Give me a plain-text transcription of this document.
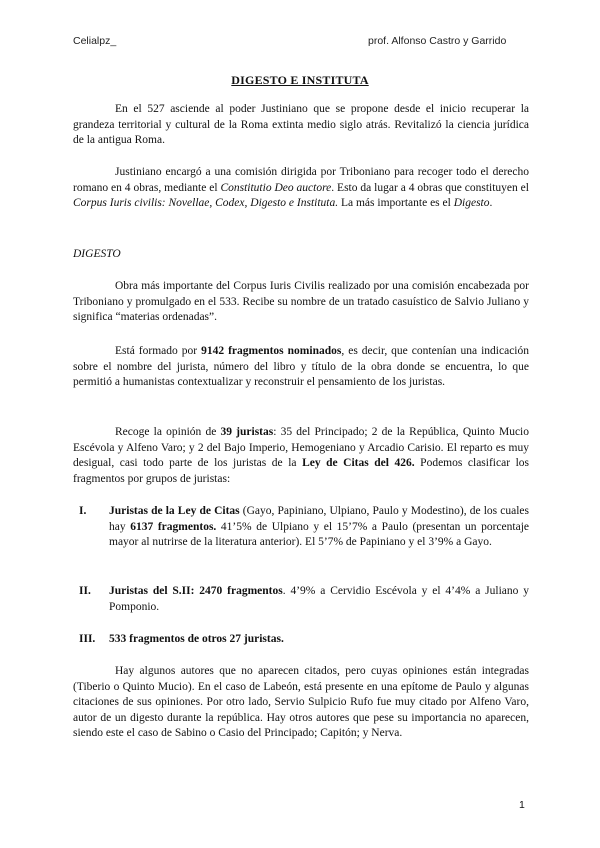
Celialpz_	prof. Alfonso Castro y Garrido
DIGESTO E INSTITUTA

En el 527 asciende al poder Justiniano que se propone desde el inicio recuperar la grandeza territorial y cultural de la Roma extinta medio siglo atrás. Revitalizó la ciencia jurídica de la antigua Roma.

Justiniano encargó a una comisión dirigida por Triboniano para recoger todo el derecho romano en 4 obras, mediante el Constitutio Deo auctore. Esto da lugar a 4 obras que constituyen el Corpus Iuris civilis: Novellae, Codex, Digesto e Instituta. La más importante es el Digesto.

DIGESTO

Obra más importante del Corpus Iuris Civilis realizado por una comisión encabezada por Triboniano y promulgado en el 533. Recibe su nombre de un tratado casuístico de Salvio Juliano y significa “materias ordenadas”.

Está formado por 9142 fragmentos nominados, es decir, que contenían una indicación sobre el nombre del jurista, número del libro y título de la obra donde se encuentra, lo que permitió a humanistas contextualizar y reconstruir el pensamiento de los juristas.

Recoge la opinión de 39 juristas: 35 del Principado; 2 de la República, Quinto Mucio Escévola y Alfeno Varo; y 2 del Bajo Imperio, Hemogeniano y Arcadio Carisio. El reparto es muy desigual, casi todo parte de los juristas de la Ley de Citas del 426. Podemos clasificar los fragmentos por grupos de juristas:

I. Juristas de la Ley de Citas (Gayo, Papiniano, Ulpiano, Paulo y Modestino), de los cuales hay 6137 fragmentos. 41’5% de Ulpiano y el 15’7% a Paulo (presentan un porcentaje mayor al nutrirse de la literatura anterior). El 5’7% de Papiniano y el 3’9% a Gayo.
II. Juristas del S.II: 2470 fragmentos. 4’9% a Cervidio Escévola y el 4’4% a Juliano y Pomponio.
III. 533 fragmentos de otros 27 juristas.

Hay algunos autores que no aparecen citados, pero cuyas opiniones están integradas (Tiberio o Quinto Mucio). En el caso de Labeón, está presente en una epítome de Paulo y algunas citaciones de sus opiniones. Por otro lado, Servio Sulpicio Rufo fue muy citado por Alfeno Varo, autor de un digesto durante la república. Hay otros autores que pese su importancia no aparecen, siendo este el caso de Sabino o Casio del Principado; Capitón; y Nerva.

1
